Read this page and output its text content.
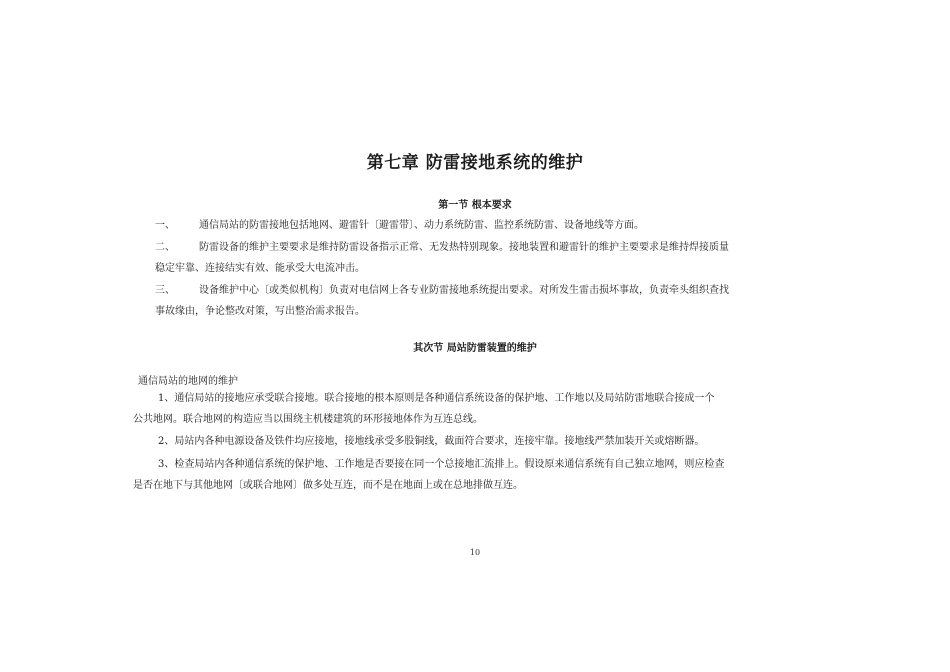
第七章 防雷接地系统的维护
第一节 根本要求
一、 通信局站的防雷接地包括地网、避雷针〔避雷带〕、动力系统防雷、监控系统防雷、设备地线等方面。
二、 防雷设备的维护主要要求是维持防雷设备指示正常、无发热特别现象。接地装置和避雷针的维护主要要求是维持焊接质量
稳定牢靠、连接结实有效、能承受大电流冲击。
三、 设备维护中心〔或类似机构〕负责对电信网上各专业防雷接地系统提出要求。对所发生雷击损坏事故，负责牵头组织查找
事故缘由，争论整改对策，写出整治需求报告。
其次节 局站防雷装置的维护
通信局站的地网的维护
1、通信局站的接地应承受联合接地。联合接地的根本原则是各种通信系统设备的保护地、工作地以及局站防雷地联合接成一个
公共地网。联合地网的构造应当以围绕主机楼建筑的环形接地体作为互连总线。
2、局站内各种电源设备及铁件均应接地，接地线承受多股铜线，截面符合要求，连接牢靠。接地线严禁加装开关或熔断器。
3、检查局站内各种通信系统的保护地、工作地是否要接在同一个总接地汇流排上。假设原来通信系统有自己独立地网，则应检查
是否在地下与其他地网〔或联合地网〕做多处互连，而不是在地面上或在总地排做互连。
10
